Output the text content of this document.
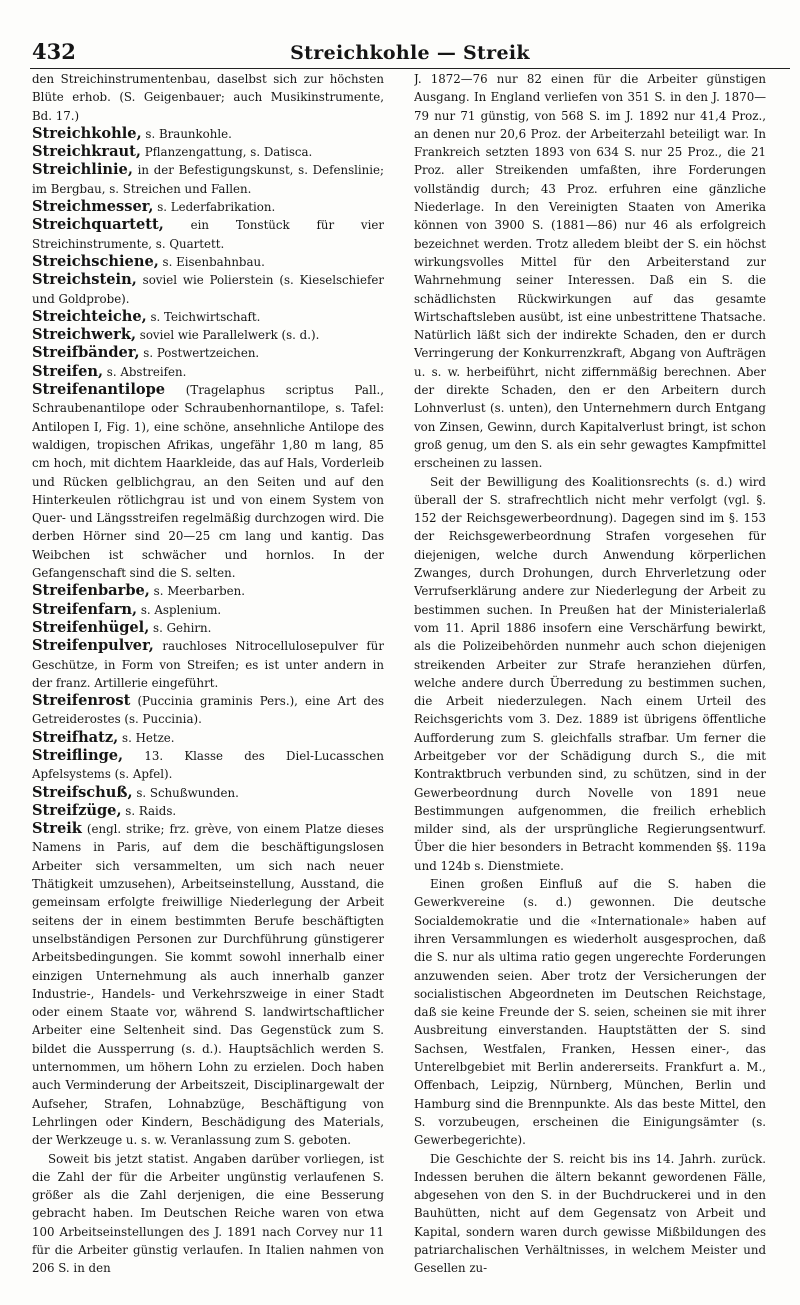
432	Streichkohle — Streik

den Streichinstrumentenbau, daselbst sich zur höchsten Blüte erhob. (S. Geigenbauer; auch Musikinstrumente, Bd. 17.)

Streichkohle, s. Braunkohle.

Streichkraut, Pflanzengattung, s. Datisca.

Streichlinie, in der Befestigungskunst, s. Defenslinie; im Bergbau, s. Streichen und Fallen.

Streichmesser, s. Lederfabrikation.

Streichquartett, ein Tonstück für vier Streichinstrumente, s. Quartett.

Streichschiene, s. Eisenbahnbau.

Streichstein, soviel wie Polierstein (s. Kieselschiefer und Goldprobe).

Streichteiche, s. Teichwirtschaft.

Streichwerk, soviel wie Parallelwerk (s. d.).

Streifbänder, s. Postwertzeichen.

Streifen, s. Abstreifen.

Streifenantilope (Tragelaphus scriptus Pall., Schraubenantilope oder Schraubenhornantilope, s. Tafel: Antilopen I, Fig. 1), eine schöne, ansehnliche Antilope des waldigen, tropischen Afrikas, ungefähr 1,80 m lang, 85 cm hoch, mit dichtem Haarkleide, das auf Hals, Vorderleib und Rücken gelblichgrau, an den Seiten und auf den Hinterkeulen rötlichgrau ist und von einem System von Quer- und Längsstreifen regelmäßig durchzogen wird. Die derben Hörner sind 20—25 cm lang und kantig. Das Weibchen ist schwächer und hornlos. In der Gefangenschaft sind die S. selten.

Streifenbarbe, s. Meerbarben.

Streifenfarn, s. Asplenium.

Streifenhügel, s. Gehirn.

Streifenpulver, rauchloses Nitrocellulosepulver für Geschütze, in Form von Streifen; es ist unter andern in der franz. Artillerie eingeführt.

Streifenrost (Puccinia graminis Pers.), eine Art des Getreiderostes (s. Puccinia).

Streifhatz, s. Hetze.

Streiflinge, 13. Klasse des Diel-Lucasschen Apfelsystems (s. Apfel).

Streifschuß, s. Schußwunden.

Streifzüge, s. Raids.

Streik (engl. strike; frz. grève, von einem Platze dieses Namens in Paris, auf dem die beschäftigungslosen Arbeiter sich versammelten, um sich nach neuer Thätigkeit umzusehen), Arbeitseinstellung, Ausstand, die gemeinsam erfolgte freiwillige Niederlegung der Arbeit seitens der in einem bestimmten Berufe beschäftigten unselbständigen Personen zur Durchführung günstigerer Arbeitsbedingungen. Sie kommt sowohl innerhalb einer einzigen Unternehmung als auch innerhalb ganzer Industrie-, Handels- und Verkehrszweige in einer Stadt oder einem Staate vor, während S. landwirtschaftlicher Arbeiter eine Seltenheit sind. Das Gegenstück zum S. bildet die Aussperrung (s. d.). Hauptsächlich werden S. unternommen, um höhern Lohn zu erzielen. Doch haben auch Verminderung der Arbeitszeit, Disciplinargewalt der Aufseher, Strafen, Lohnabzüge, Beschäftigung von Lehrlingen oder Kindern, Beschädigung des Materials, der Werkzeuge u. s. w. Veranlassung zum S. geboten.

Soweit bis jetzt statist. Angaben darüber vorliegen, ist die Zahl der für die Arbeiter ungünstig verlaufenen S. größer als die Zahl derjenigen, die eine Besserung gebracht haben. Im Deutschen Reiche waren von etwa 100 Arbeitseinstellungen des J. 1891 nach Corvey nur 11 für die Arbeiter günstig verlaufen. In Italien nahmen von 206 S. in den

J. 1872—76 nur 82 einen für die Arbeiter günstigen Ausgang. In England verliefen von 351 S. in den J. 1870—79 nur 71 günstig, von 568 S. im J. 1892 nur 41,4 Proz., an denen nur 20,6 Proz. der Arbeiterzahl beteiligt war. In Frankreich setzten 1893 von 634 S. nur 25 Proz., die 21 Proz. aller Streikenden umfaßten, ihre Forderungen vollständig durch; 43 Proz. erfuhren eine gänzliche Niederlage. In den Vereinigten Staaten von Amerika können von 3900 S. (1881—86) nur 46 als erfolgreich bezeichnet werden. Trotz alledem bleibt der S. ein höchst wirkungsvolles Mittel für den Arbeiterstand zur Wahrnehmung seiner Interessen. Daß ein S. die schädlichsten Rückwirkungen auf das gesamte Wirtschaftsleben ausübt, ist eine unbestrittene Thatsache. Natürlich läßt sich der indirekte Schaden, den er durch Verringerung der Konkurrenzkraft, Abgang von Aufträgen u. s. w. herbeiführt, nicht ziffernmäßig berechnen. Aber der direkte Schaden, den er den Arbeitern durch Lohnverlust (s. unten), den Unternehmern durch Entgang von Zinsen, Gewinn, durch Kapitalverlust bringt, ist schon groß genug, um den S. als ein sehr gewagtes Kampfmittel erscheinen zu lassen.

Seit der Bewilligung des Koalitionsrechts (s. d.) wird überall der S. strafrechtlich nicht mehr verfolgt (vgl. §. 152 der Reichsgewerbeordnung). Dagegen sind im §. 153 der Reichsgewerbeordnung Strafen vorgesehen für diejenigen, welche durch Anwendung körperlichen Zwanges, durch Drohungen, durch Ehrverletzung oder Verrufserklärung andere zur Niederlegung der Arbeit zu bestimmen suchen. In Preußen hat der Ministerialerlaß vom 11. April 1886 insofern eine Verschärfung bewirkt, als die Polizeibehörden nunmehr auch schon diejenigen streikenden Arbeiter zur Strafe heranziehen dürfen, welche andere durch Überredung zu bestimmen suchen, die Arbeit niederzulegen. Nach einem Urteil des Reichsgerichts vom 3. Dez. 1889 ist übrigens öffentliche Aufforderung zum S. gleichfalls strafbar. Um ferner die Arbeitgeber vor der Schädigung durch S., die mit Kontraktbruch verbunden sind, zu schützen, sind in der Gewerbeordnung durch Novelle von 1891 neue Bestimmungen aufgenommen, die freilich erheblich milder sind, als der ursprüngliche Regierungsentwurf. Über die hier besonders in Betracht kommenden §§. 119a und 124b s. Dienstmiete.

Einen großen Einfluß auf die S. haben die Gewerkvereine (s. d.) gewonnen. Die deutsche Socialdemokratie und die «Internationale» haben auf ihren Versammlungen es wiederholt ausgesprochen, daß die S. nur als ultima ratio gegen ungerechte Forderungen anzuwenden seien. Aber trotz der Versicherungen der socialistischen Abgeordneten im Deutschen Reichstage, daß sie keine Freunde der S. seien, scheinen sie mit ihrer Ausbreitung einverstanden. Hauptstätten der S. sind Sachsen, Westfalen, Franken, Hessen einer-, das Unterelbgebiet mit Berlin andererseits. Frankfurt a. M., Offenbach, Leipzig, Nürnberg, München, Berlin und Hamburg sind die Brennpunkte. Als das beste Mittel, den S. vorzubeugen, erscheinen die Einigungsämter (s. Gewerbegerichte).

Die Geschichte der S. reicht bis ins 14. Jahrh. zurück. Indessen beruhen die ältern bekannt gewordenen Fälle, abgesehen von den S. in der Buchdruckerei und in den Bauhütten, nicht auf dem Gegensatz von Arbeit und Kapital, sondern waren durch gewisse Mißbildungen des patriarchalischen Verhältnisses, in welchem Meister und Gesellen zu-
